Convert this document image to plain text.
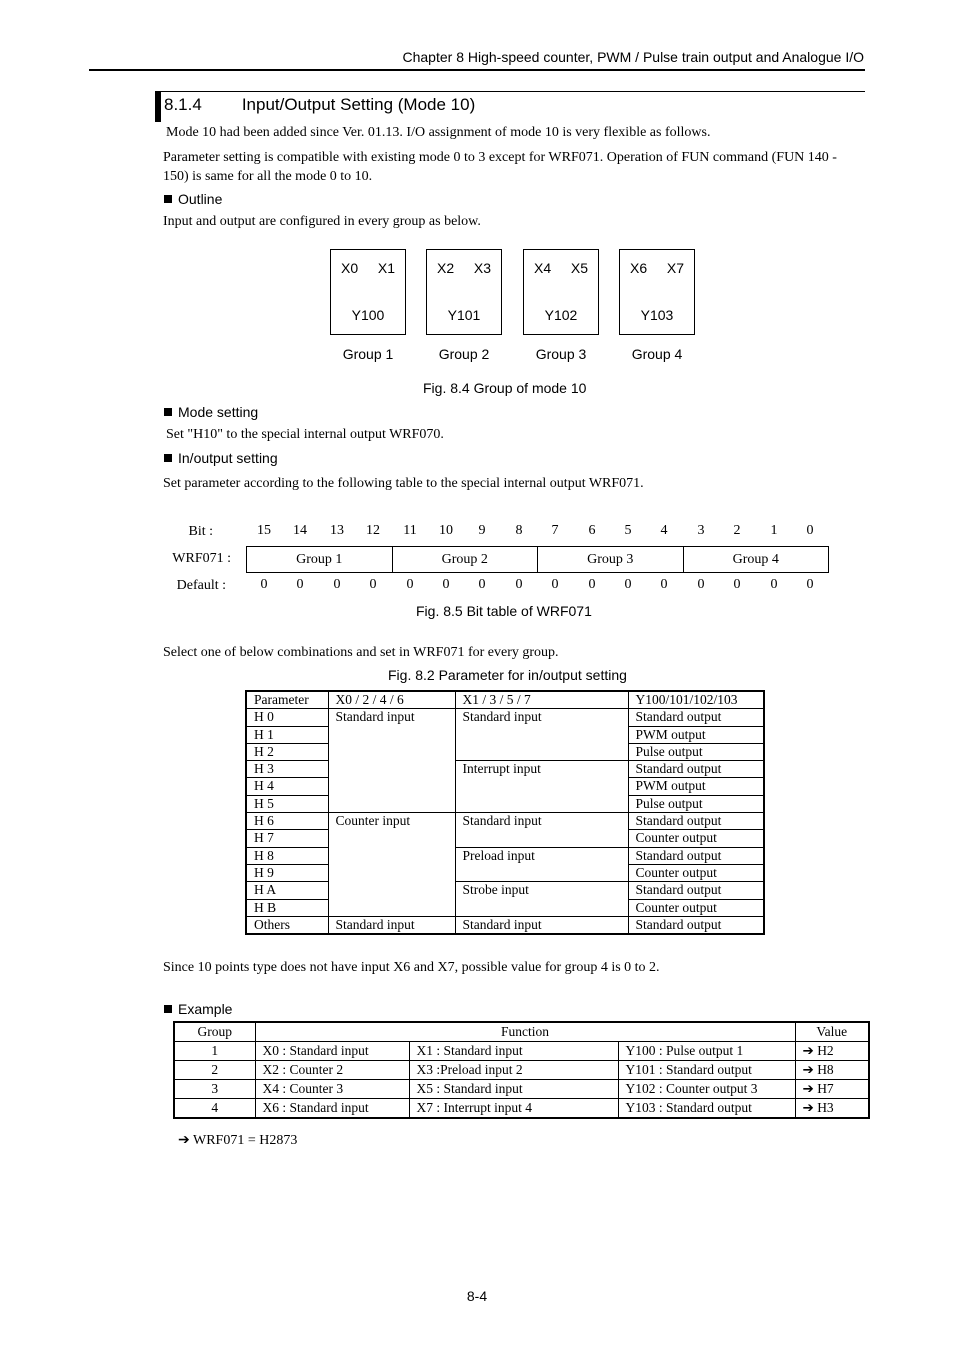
Chapter 8 High-speed counter, PWM / Pulse train output and Analogue I/O
8.1.4 Input/Output Setting (Mode 10)

Mode 10 had been added since Ver. 01.13. I/O assignment of mode 10 is very flexible as follows.

Parameter setting is compatible with existing mode 0 to 3 except for WRF071. Operation of FUN command (FUN 140 - 150) is same for all the mode 0 to 10.

Outline

Input and output are configured in every group as below.

X0 X1
Y100
X2 X3
Y101
X4 X5
Y102
X6 X7
Y103
Group 1	Group 2	Group 3	Group 4
Fig. 8.4 Group of mode 10
Mode setting

Set "H10" to the special internal output WRF070.

In/output setting

Set parameter according to the following table to the special internal output WRF071.

Bit :	15 14 13 12 11 10	9	8	7	6	5	4	3	2	1	0
WRF071 :	Group 1	Group 2	Group 3	Group 4
Default :	0	0	0	0	0	0	0	0	0	0	0	0	0	0	0	0
Fig. 8.5 Bit table of WRF071

Select one of below combinations and set in WRF071 for every group.

Fig. 8.2 Parameter for in/output setting
Parameter	X0 / 2 / 4 / 6	X1 / 3 / 5 / 7	Y100/101/102/103
H 0	Standard input	Standard input	Standard output
H 1			PWM output
H 2			Pulse output
H 3		Interrupt input	Standard output
H 4			PWM output
H 5			Pulse output
H 6	Counter input	Standard input	Standard output
H 7			Counter output
H 8		Preload input	Standard output
H 9			Counter output
H A		Strobe input	Standard output
H B			Counter output
Others	Standard input	Standard input	Standard output

Since 10 points type does not have input X6 and X7, possible value for group 4 is 0 to 2.

Example
Group	Function			Value
1	X0 : Standard input	X1 : Standard input	Y100 : Pulse output 1	➔ H2
2	X2 : Counter 2	X3 :Preload input 2	Y101 : Standard output	➔ H8
3	X4 : Counter 3	X5 : Standard input	Y102 : Counter output 3	➔ H7
4	X6 : Standard input	X7 : Interrupt input 4	Y103 : Standard output	➔ H3

➔ WRF071 = H2873

8-4
